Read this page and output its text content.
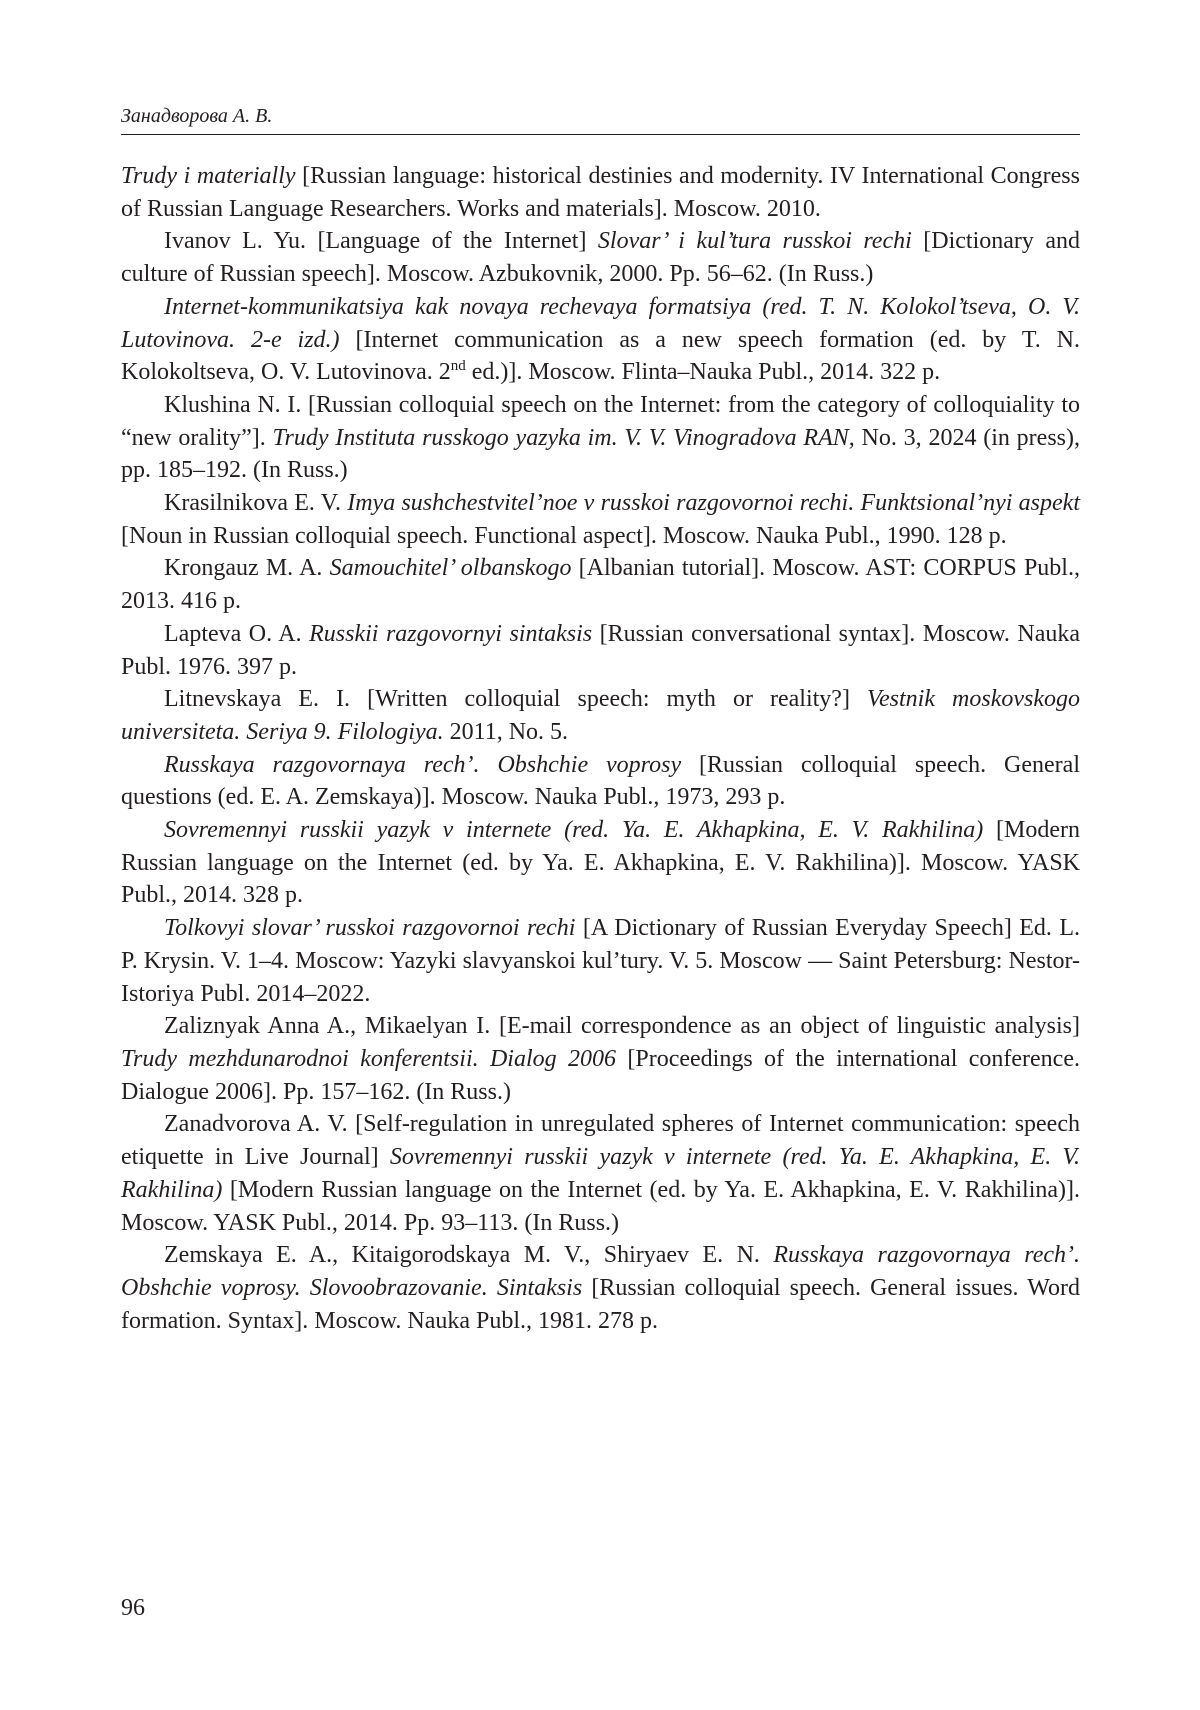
Занадворова А. В.

Trudy i materially [Russian language: historical destinies and modernity. IV International Congress of Russian Language Researchers. Works and materials]. Moscow. 2010.

Ivanov L. Yu. [Language of the Internet] Slovar’ i kul’tura russkoi rechi [Dictionary and culture of Russian speech]. Moscow. Azbukovnik, 2000. Pp. 56–62. (In Russ.)

Internet-kommunikatsiya kak novaya rechevaya formatsiya (red. T. N. Kolokol’tseva, O. V. Lutovinova. 2-e izd.) [Internet communication as a new speech formation (ed. by T. N. Kolokoltseva, O. V. Lutovinova. 2nd ed.)]. Moscow. Flinta–Nauka Publ., 2014. 322 p.

Klushina N. I. [Russian colloquial speech on the Internet: from the category of colloquiality to “new orality”]. Trudy Instituta russkogo yazyka im. V. V. Vinogradova RAN, No. 3, 2024 (in press), pp. 185–192. (In Russ.)

Krasilnikova E. V. Imya sushchestvitel’noe v russkoi razgovornoi rechi. Funktsional’nyi aspekt [Noun in Russian colloquial speech. Functional aspect]. Moscow. Nauka Publ., 1990. 128 p.

Krongauz M. A. Samouchitel’ olbanskogo [Albanian tutorial]. Moscow. AST: CORPUS Publ., 2013. 416 p.

Lapteva O. A. Russkii razgovornyi sintaksis [Russian conversational syntax]. Moscow. Nauka Publ. 1976. 397 p.

Litnevskaya E. I. [Written colloquial speech: myth or reality?] Vestnik moskovskogo universiteta. Seriya 9. Filologiya. 2011, No. 5.

Russkaya razgovornaya rech’. Obshchie voprosy [Russian colloquial speech. General questions (ed. E. A. Zemskaya)]. Moscow. Nauka Publ., 1973, 293 p.

Sovremennyi russkii yazyk v internete (red. Ya. E. Akhapkina, E. V. Rakhilina) [Modern Russian language on the Internet (ed. by Ya. E. Akhapkina, E. V. Rakhilina)]. Moscow. YASK Publ., 2014. 328 p.

Tolkovyi slovar’ russkoi razgovornoi rechi [A Dictionary of Russian Everyday Speech] Ed. L. P. Krysin. V. 1–4. Moscow: Yazyki slavyanskoi kul’tury. V. 5. Moscow — Saint Petersburg: Nestor-Istoriya Publ. 2014–2022.

Zaliznyak Anna A., Mikaelyan I. [E-mail correspondence as an object of linguistic analysis] Trudy mezhdunarodnoi konferentsii. Dialog 2006 [Proceedings of the international conference. Dialogue 2006]. Pp. 157–162. (In Russ.)

Zanadvorova A. V. [Self-regulation in unregulated spheres of Internet communication: speech etiquette in Live Journal] Sovremennyi russkii yazyk v internete (red. Ya. E. Akhapkina, E. V. Rakhilina) [Modern Russian language on the Internet (ed. by Ya. E. Akhapkina, E. V. Rakhilina)]. Moscow. YASK Publ., 2014. Pp. 93–113. (In Russ.)

Zemskaya E. A., Kitaigorodskaya M. V., Shiryaev E. N. Russkaya razgovornaya rech’. Obshchie voprosy. Slovoobrazovanie. Sintaksis [Russian colloquial speech. General issues. Word formation. Syntax]. Moscow. Nauka Publ., 1981. 278 p.

96
